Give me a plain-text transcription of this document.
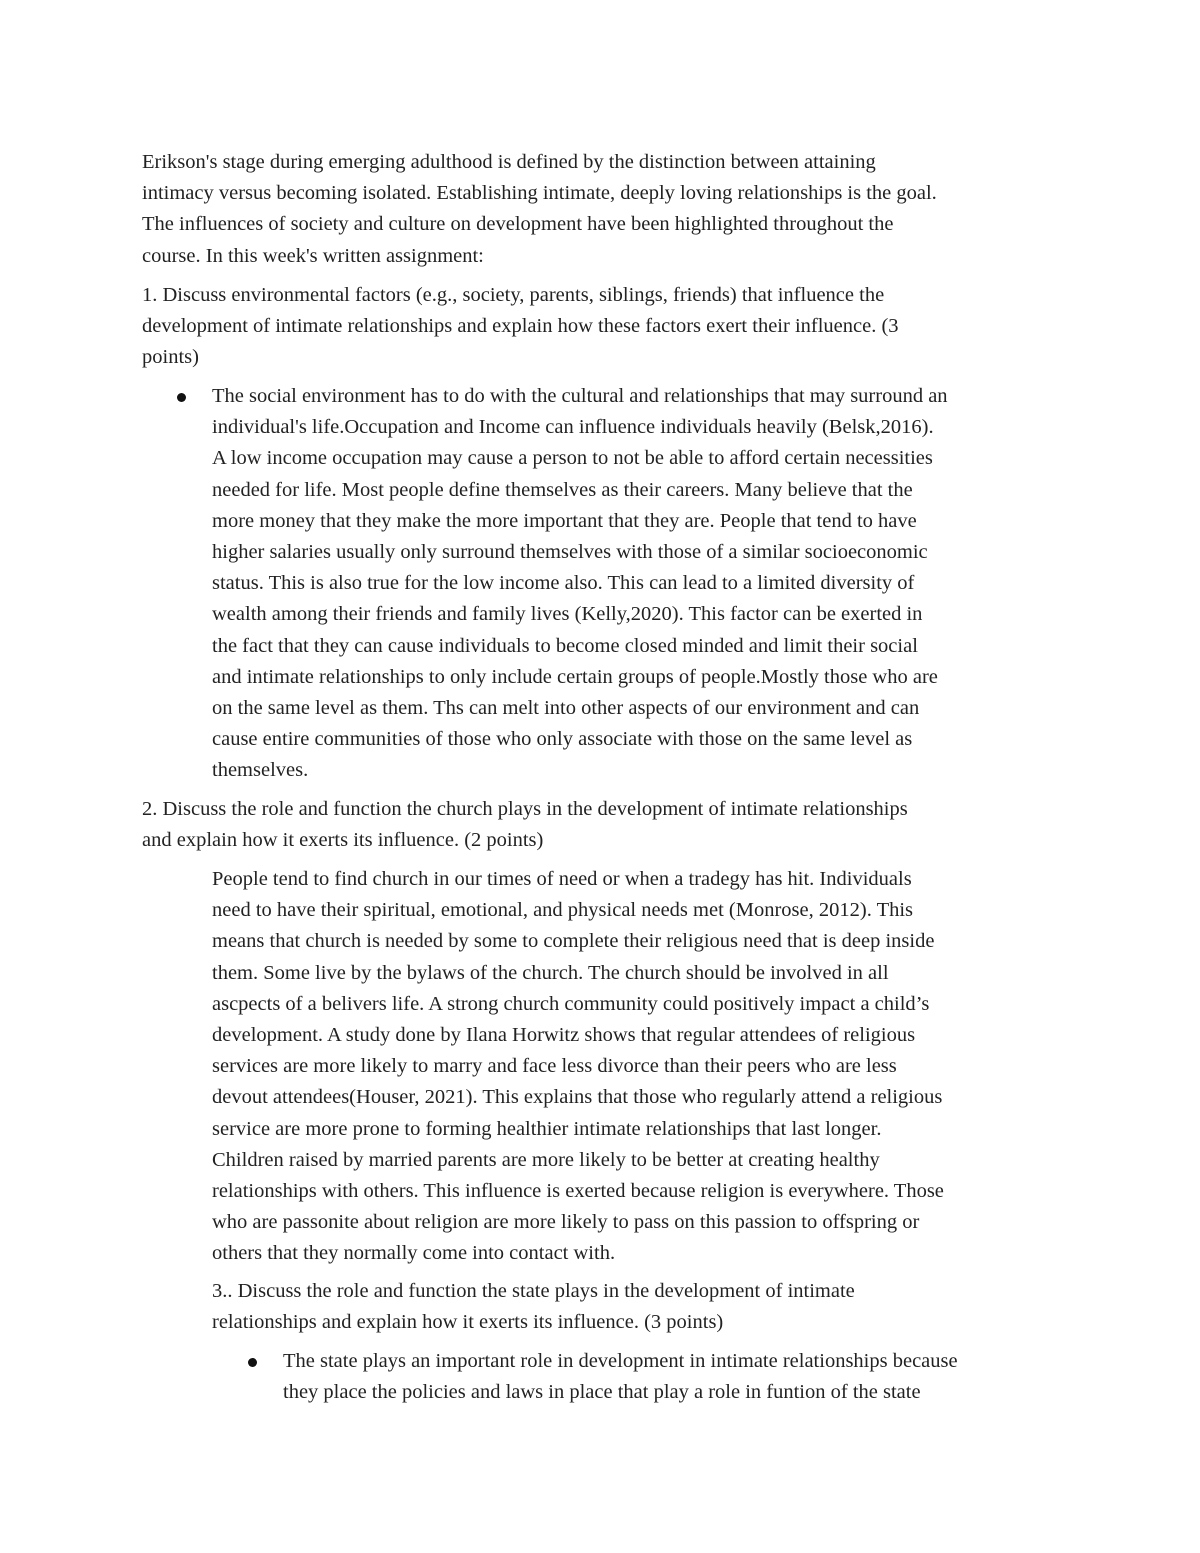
Erikson's stage during emerging adulthood is defined by the distinction between attaining
intimacy versus becoming isolated. Establishing intimate, deeply loving relationships is the goal.
The influences of society and culture on development have been highlighted throughout the
course. In this week's written assignment:
1. Discuss environmental factors (e.g., society, parents, siblings, friends) that influence the
development of intimate relationships and explain how these factors exert their influence. (3
points)
The social environment has to do with the cultural and relationships that may surround an
individual's life.Occupation and Income can influence individuals heavily (Belsk,2016).
A low income occupation may cause a person to not be able to afford certain necessities
needed for life. Most people define themselves as their careers. Many believe that the
more money that they make the more important that they are. People that tend to have
higher salaries usually only surround themselves with those of a similar socioeconomic
status. This is also true for the low income also. This can lead to a limited diversity of
wealth among their friends and family lives (Kelly,2020). This factor can be exerted in
the fact that they can cause individuals to become closed minded and limit their social
and intimate relationships to only include certain groups of people.Mostly those who are
on the same level as them. Ths can melt into other aspects of our environment and can
cause entire communities of those who only associate with those on the same level as
themselves.
2. Discuss the role and function the church plays in the development of intimate relationships
and explain how it exerts its influence. (2 points)
People tend to find church in our times of need or when a tradegy has hit. Individuals
need to have their spiritual, emotional, and physical needs met (Monrose, 2012). This
means that church is needed by some to complete their religious need that is deep inside
them. Some live by the bylaws of the church. The church should be involved in all
ascpects of a belivers life. A strong church community could positively impact a child’s
development. A study done by Ilana Horwitz shows that regular attendees of religious
services are more likely to marry and face less divorce than their peers who are less
devout attendees(Houser, 2021). This explains that those who regularly attend a religious
service are more prone to forming healthier intimate relationships that last longer.
Children raised by married parents are more likely to be better at creating healthy
relationships with others. This influence is exerted because religion is everywhere. Those
who are passonite about religion are more likely to pass on this passion to offspring or
others that they normally come into contact with.
3.. Discuss the role and function the state plays in the development of intimate
relationships and explain how it exerts its influence. (3 points)
The state plays an important role in development in intimate relationships because
they place the policies and laws in place that play a role in funtion of the state
